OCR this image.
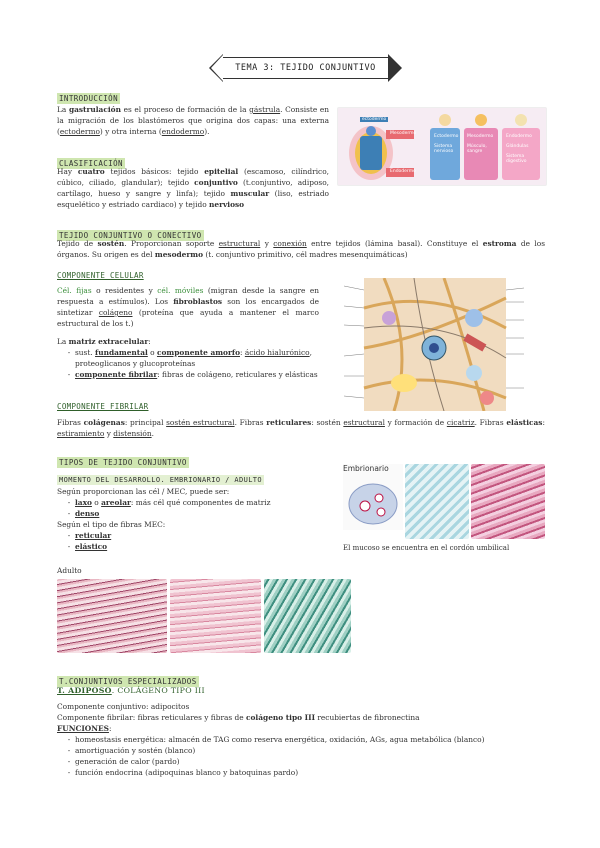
TEMA 3: TEJIDO CONJUNTIVO
INTRODUCCIÓN
La gastrulación es el proceso de formación de la gástrula. Consiste en la migración de los blastómeros que origina dos capas: una externa (ectodermo) y otra interna (endodermo).
ectodermo
Mesodermo
Endodermo
Ectodermo
Sistema nervioso
Mesodermo
Músculo, sangre
Endodermo
Glándulas
Sistema digestivo
CLASIFICACIÓN
Hay cuatro tejidos básicos: tejido epitelial (escamoso, cilíndrico, cúbico, ciliado, glandular); tejido conjuntivo (t.conjuntivo, adiposo, cartílago, hueso y sangre y linfa); tejido muscular (liso, estriado esquelético y estriado cardiaco) y tejido nervioso
TEJIDO CONJUNTIVO O CONECTIVO
Tejido de sostén. Proporcionan soporte estructural y conexión entre tejidos (lámina basal). Constituye el estroma de los órganos. Su origen es del mesodermo (t. conjuntivo primitivo, cél madres mesenquimáticas)
COMPONENTE CELULAR
Cél. fijas o residentes y cél. móviles (migran desde la sangre en respuesta a estímulos). Los fibroblastos son los encargados de sintetizar colágeno (proteína que ayuda a mantener el marco estructural de los t.)
La matriz extracelular:
- sust. fundamental o componente amorfo: ácido hialurónico, proteoglicanos y glucoproteínas
- componente fibrilar: fibras de colágeno, reticulares y elásticas
COMPONENTE FIBRILAR
Fibras colágenas: principal sostén estructural. Fibras reticulares: sostén estructural y formación de cicatriz. Fibras elásticas: estiramiento y distensión.
TIPOS DE TEJIDO CONJUNTIVO
MOMENTO DEL DESARROLLO. EMBRIONARIO / ADULTO
Según proporcionan las cél / MEC, puede ser:
- laxo o areolar: más cél qué componentes de matriz
- denso
Según el tipo de fibras MEC:
- reticular
- elástico
Embrionario
El mucoso se encuentra en el cordón umbilical
Adulto
T.CONJUNTIVOS ESPECIALIZADOS
T. ADIPOSO. COLÁGENO TIPO III
Componente conjuntivo: adipocitos
Componente fibrilar: fibras reticulares y fibras de colágeno tipo III recubiertas de fibronectina
FUNCIONES:
- homeostasis energética: almacén de TAG como reserva energética, oxidación, AGs, agua metabólica (blanco)
- amortiguación y sostén (blanco)
- generación de calor (pardo)
- función endocrina (adipoquinas blanco y batoquinas pardo)
